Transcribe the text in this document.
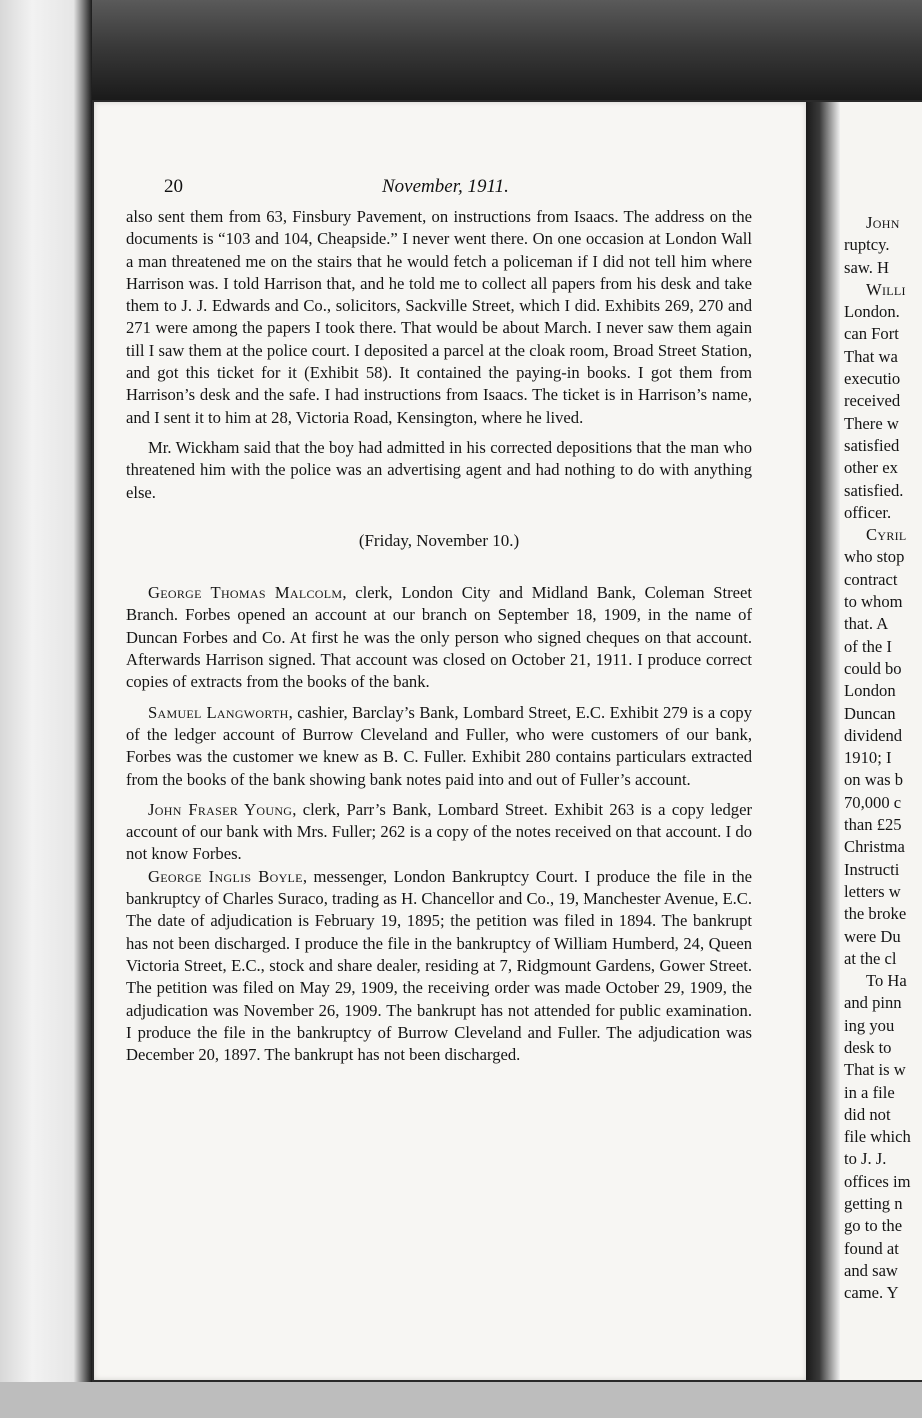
20	November, 1911.

also sent them from 63, Finsbury Pavement, on instructions from Isaacs. The address on the documents is “103 and 104, Cheapside.” I never went there. On one occasion at London Wall a man threatened me on the stairs that he would fetch a policeman if I did not tell him where Harrison was. I told Harrison that, and he told me to collect all papers from his desk and take them to J. J. Edwards and Co., solicitors, Sackville Street, which I did. Exhibits 269, 270 and 271 were among the papers I took there. That would be about March. I never saw them again till I saw them at the police court. I deposited a parcel at the cloak room, Broad Street Station, and got this ticket for it (Exhibit 58). It contained the paying-in books. I got them from Harrison’s desk and the safe. I had instructions from Isaacs. The ticket is in Harrison’s name, and I sent it to him at 28, Victoria Road, Kensington, where he lived.

Mr. Wickham said that the boy had admitted in his corrected depositions that the man who threatened him with the police was an advertising agent and had nothing to do with anything else.

(Friday, November 10.)

George Thomas Malcolm, clerk, London City and Midland Bank, Coleman Street Branch. Forbes opened an account at our branch on September 18, 1909, in the name of Duncan Forbes and Co. At first he was the only person who signed cheques on that account. Afterwards Harrison signed. That account was closed on October 21, 1911. I produce correct copies of extracts from the books of the bank.

Samuel Langworth, cashier, Barclay’s Bank, Lombard Street, E.C. Exhibit 279 is a copy of the ledger account of Burrow Cleveland and Fuller, who were customers of our bank, Forbes was the customer we knew as B. C. Fuller. Exhibit 280 contains particulars extracted from the books of the bank showing bank notes paid into and out of Fuller’s account.

John Fraser Young, clerk, Parr’s Bank, Lombard Street. Exhibit 263 is a copy ledger account of our bank with Mrs. Fuller; 262 is a copy of the notes received on that account. I do not know Forbes.

George Inglis Boyle, messenger, London Bankruptcy Court. I produce the file in the bankruptcy of Charles Suraco, trading as H. Chancellor and Co., 19, Manchester Avenue, E.C. The date of adjudication is February 19, 1895; the petition was filed in 1894. The bankrupt has not been discharged. I produce the file in the bankruptcy of William Humberd, 24, Queen Victoria Street, E.C., stock and share dealer, residing at 7, Ridgmount Gardens, Gower Street. The petition was filed on May 29, 1909, the receiving order was made October 29, 1909, the adjudication was November 26, 1909. The bankrupt has not attended for public examination. I produce the file in the bankruptcy of Burrow Cleveland and Fuller. The adjudication was December 20, 1897. The bankrupt has not been discharged.

John
ruptcy.
saw. H
Willi
London.
can Fort
That wa
executio
received
There w
satisfied
other ex
satisfied.
officer.
Cyril
who stop
contract
to whom
that. A
of the I
could bo
London
Duncan
dividend
1910; I
on was b
70,000 c
than £25
Christma
Instructi
letters w
the broke
were Du
at the cl
To Ha
and pinn
ing you
desk to
That is w
in a file
did not
file which
to J. J.
offices im
getting n
go to the
found at
and saw
came. Y
